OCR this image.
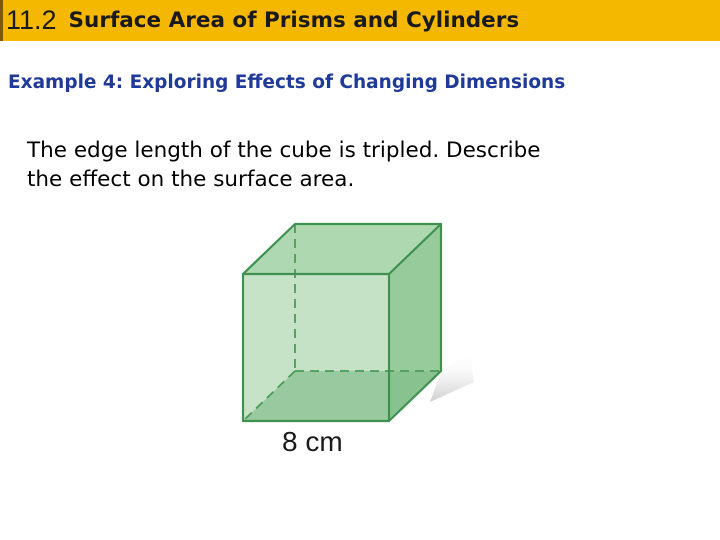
11.2 Surface Area of Prisms and Cylinders
Example 4: Exploring Effects of Changing Dimensions
The edge length of the cube is tripled. Describe
the effect on the surface area.
8 cm
